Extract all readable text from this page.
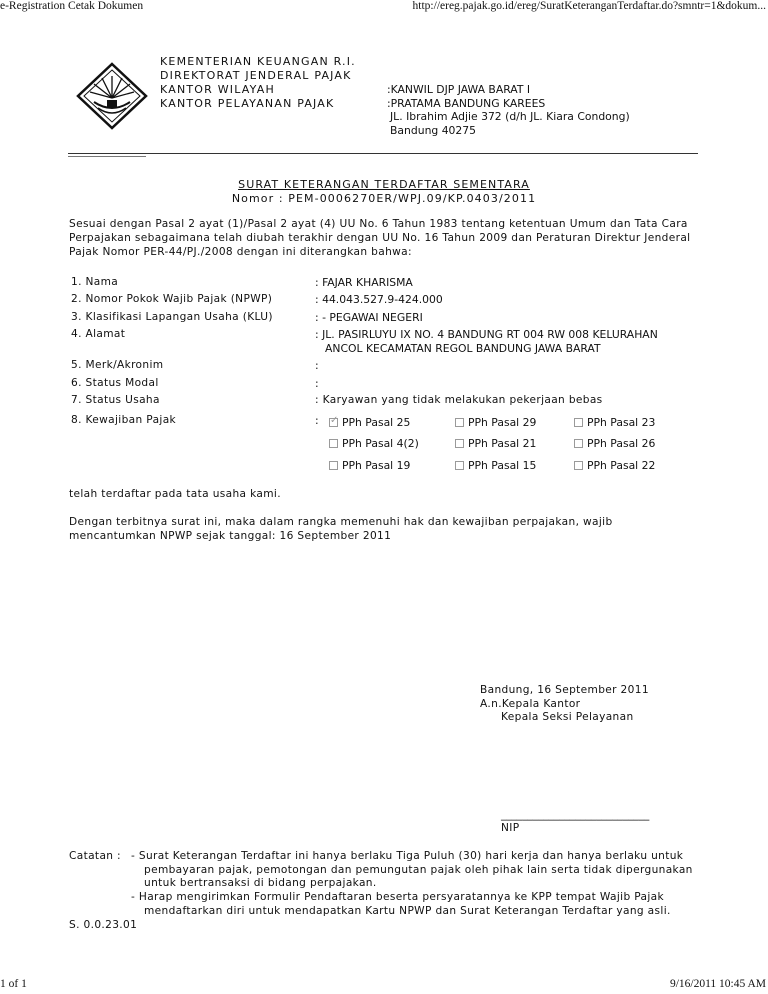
e-Registration Cetak Dokumen	http://ereg.pajak.go.id/ereg/SuratKeteranganTerdaftar.do?smntr=1&dokum...
KEMENTERIAN KEUANGAN R.I.
DIREKTORAT JENDERAL PAJAK
KANTOR WILAYAH
KANTOR PELAYANAN PAJAK
:KANWIL DJP JAWA BARAT I
:PRATAMA BANDUNG KAREES
JL. Ibrahim Adjie 372 (d/h JL. Kiara Condong)
Bandung 40275
SURAT KETERANGAN TERDAFTAR SEMENTARA
Nomor : PEM-0006270ER/WPJ.09/KP.0403/2011
Sesuai dengan Pasal 2 ayat (1)/Pasal 2 ayat (4) UU No. 6 Tahun 1983 tentang ketentuan Umum dan Tata Cara
Perpajakan sebagaimana telah diubah terakhir dengan UU No. 16 Tahun 2009 dan Peraturan Direktur Jenderal
Pajak Nomor PER-44/PJ./2008 dengan ini diterangkan bahwa:
1. Nama	: FAJAR KHARISMA
2. Nomor Pokok Wajib Pajak (NPWP)	: 44.043.527.9-424.000
3. Klasifikasi Lapangan Usaha (KLU)	: - PEGAWAI NEGERI
4. Alamat	: JL. PASIRLUYU IX NO. 4 BANDUNG RT 004 RW 008 KELURAHAN
ANCOL KECAMATAN REGOL BANDUNG JAWA BARAT
5. Merk/Akronim	:
6. Status Modal	:
7. Status Usaha	: Karyawan yang tidak melakukan pekerjaan bebas
8. Kewajiban Pajak	:
✓	PPh Pasal 25	PPh Pasal 29	PPh Pasal 23
PPh Pasal 4(2)	PPh Pasal 21	PPh Pasal 26
PPh Pasal 19	PPh Pasal 15	PPh Pasal 22
telah terdaftar pada tata usaha kami.
Dengan terbitnya surat ini, maka dalam rangka memenuhi hak dan kewajiban perpajakan, wajib
mencantumkan NPWP sejak tanggal: 16 September 2011
Bandung, 16 September 2011
A.n.Kepala Kantor
Kepala Seksi Pelayanan
____________________________
NIP
Catatan : - Surat Keterangan Terdaftar ini hanya berlaku Tiga Puluh (30) hari kerja dan hanya berlaku untuk
pembayaran pajak, pemotongan dan pemungutan pajak oleh pihak lain serta tidak dipergunakan
untuk bertransaksi di bidang perpajakan.
- Harap mengirimkan Formulir Pendaftaran beserta persyaratannya ke KPP tempat Wajib Pajak
mendaftarkan diri untuk mendapatkan Kartu NPWP dan Surat Keterangan Terdaftar yang asli.
S. 0.0.23.01
1 of 1	9/16/2011 10:45 AM
